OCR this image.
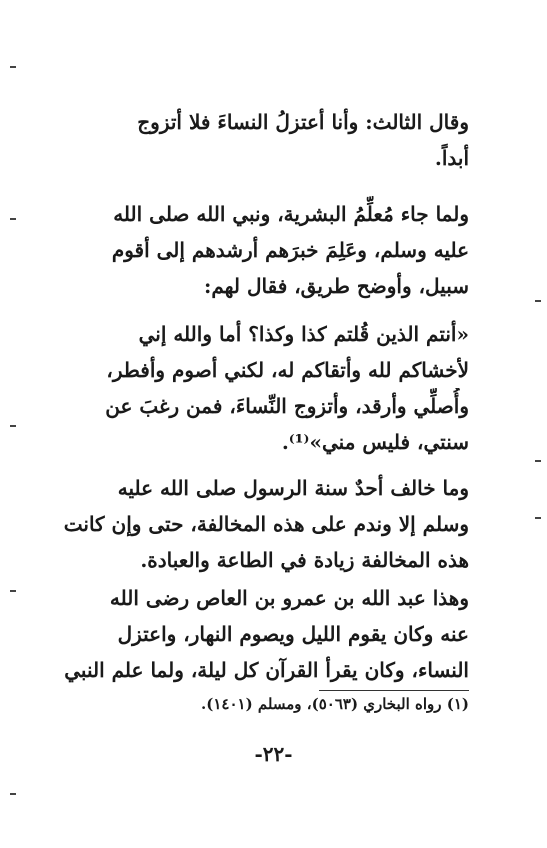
وقال الثالث: وأنا أعتزلُ النساءَ فلا أتزوج
أبداً.
ولما جاء مُعلِّمُ البشرية، ونبي الله صلى الله
عليه وسلم، وعَلِمَ خبرَهم أرشدهم إلى أقوم
سبيل، وأوضح طريق، فقال لهم:
«أنتم الذين قُلتم كذا وكذا؟ أما والله إني
لأخشاكم لله وأتقاكم له، لكني أصوم وأفطر،
وأُصلِّي وأرقد، وأتزوج النِّساءَ، فمن رغبَ عن
سنتي، فليس مني»⁽¹⁾.
وما خالف أحدٌ سنة الرسول صلى الله عليه
وسلم إلا وندم على هذه المخالفة، حتى وإن كانت
هذه المخالفة زيادة في الطاعة والعبادة.
وهذا عبد الله بن عمرو بن العاص رضى الله
عنه وكان يقوم الليل ويصوم النهار، واعتزل
النساء، وكان يقرأ القرآن كل ليلة، ولما علم النبي
(١) رواه البخاري (٥٠٦٣)، ومسلم (١٤٠١).
-٢٢-
